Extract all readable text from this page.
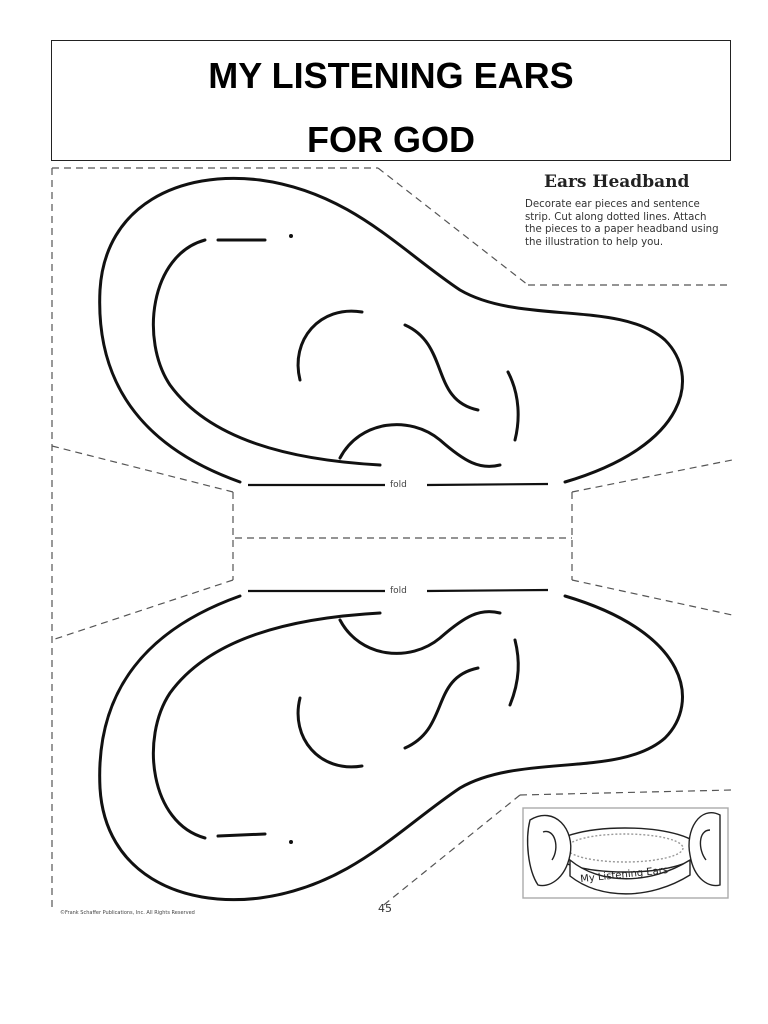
MY LISTENING EARS
FOR GOD
My Listening Ears
Ears Headband
Decorate ear pieces and sentence strip. Cut along dotted lines. Attach the pieces to a paper headband using the illustration to help you.
fold
fold
©Frank Schaffer Publications, Inc. All Rights Reserved	45
